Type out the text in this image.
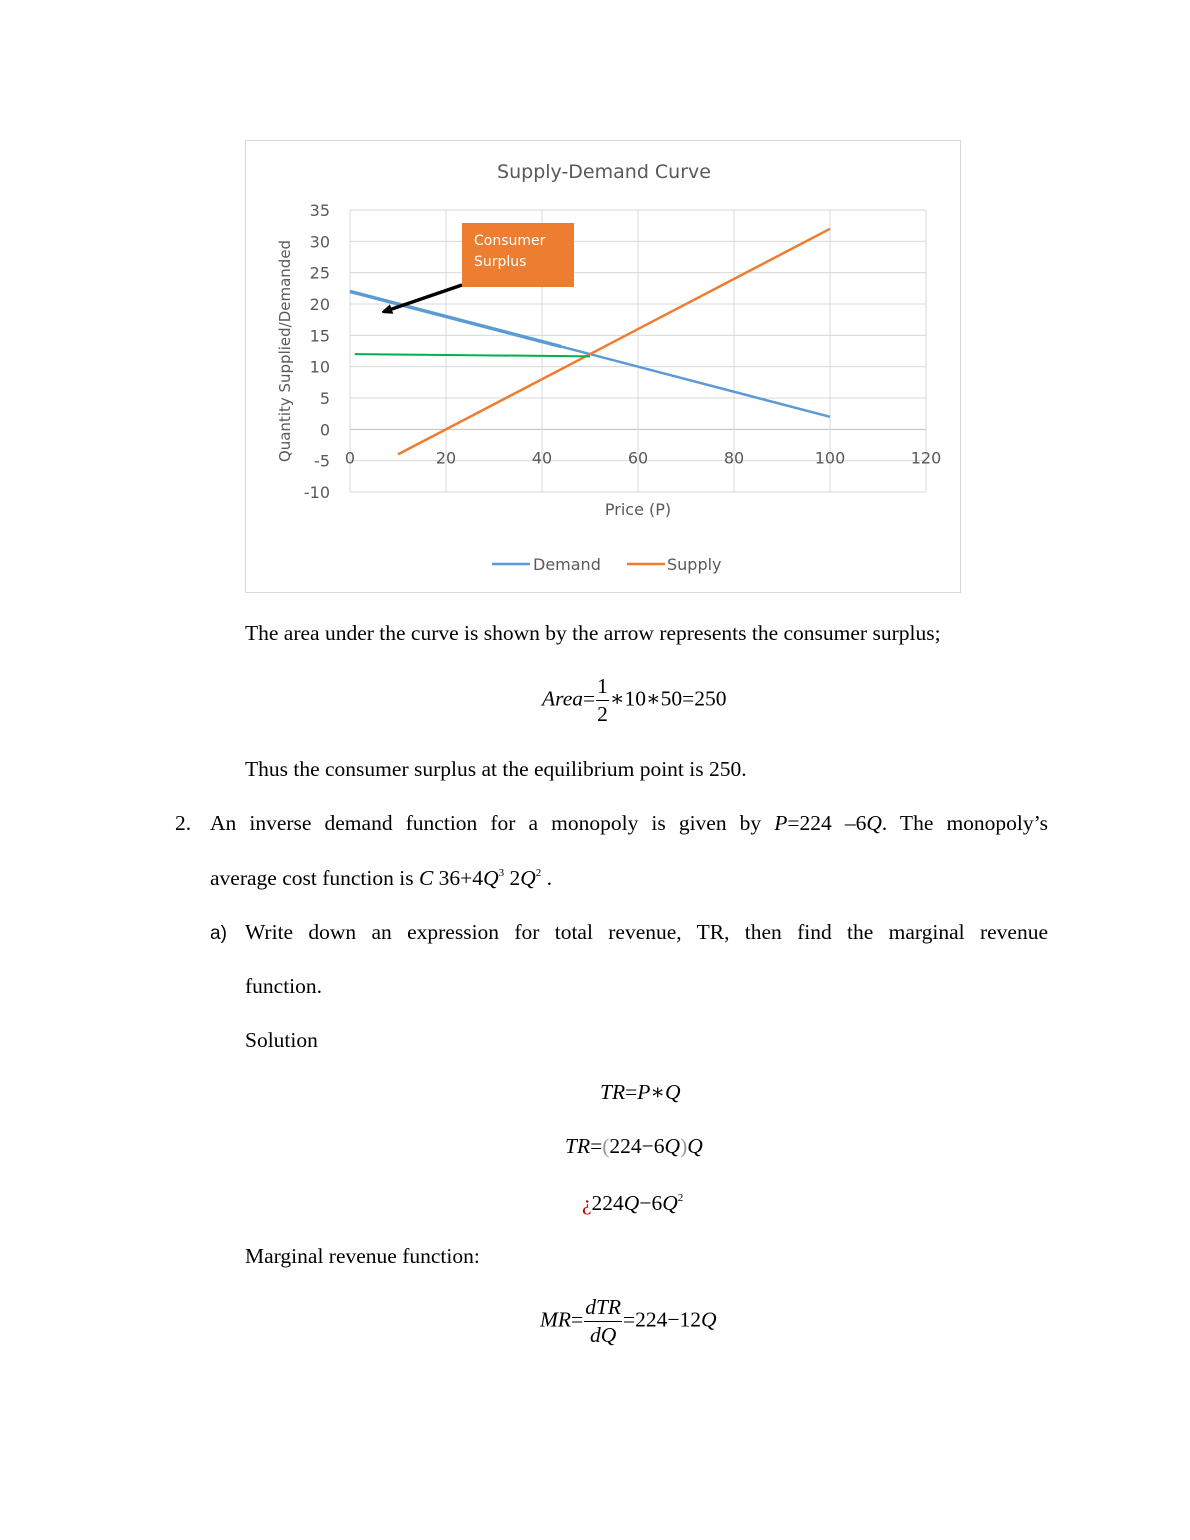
Supply-Demand Curve
35
30
25
20
15
10
5
0
-5
-10
0	20	40	60	80	100	120
Quantity Supplied/Demanded
Price (P)
Demand	Supply
Consumer Surplus
The area under the curve is shown by the arrow represents the consumer surplus;
Area= $\frac{1}{2}$ ∗10∗50=250
Thus the consumer surplus at the equilibrium point is 250.
2. An inverse demand function for a monopoly is given by P=224 –6Q. The monopoly’s
average cost function is C $36+4Q^3$ $2Q^2$ .
a) Write down an expression for total revenue, TR, then find the marginal revenue
function.
Solution
TR=P∗Q
TR=(224−6Q)Q
¿$224Q-6Q^2$
Marginal revenue function:
$MR= \frac{\text{dTR}}{dQ} =224-12Q$
